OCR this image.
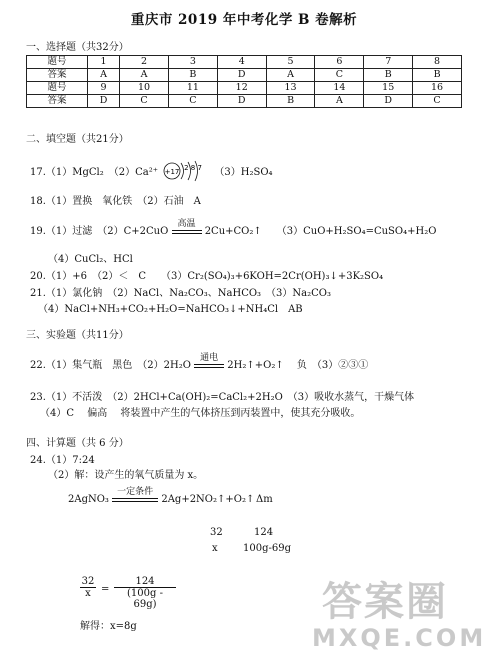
重庆市 2019 年中考化学 B 卷解析
一、选择题（共32分）
题号	1	2	3	4	5	6	7	8
答案	A	A	B	D	A	C	B	B
题号	9	10	11	12	13	14	15	16
答案	D	C	C	D	B	A	D	C
二、填空题（共21分）
17.（1）MgCl₂　（2）Ca²⁺ +17 2 8 7 （3）H₂SO₄
18.（1）置换　氧化铁　（2）石油　A
19.（1）过滤　（2）C+2CuO
高温
2Cu+CO₂↑　　（3）CuO+H₂SO₄=CuSO₄+H₂O
（4）CuCl₂、HCl
20.（1）+6　（2）＜　C　　（3）Cr₂(SO₄)₃+6KOH=2Cr(OH)₃↓+3K₂SO₄
21.（1）氯化钠　（2）NaCl、Na₂CO₃、NaHCO₃　（3）Na₂CO₃
（4）NaCl+NH₃+CO₂+H₂O=NaHCO₃↓+NH₄Cl　AB
三、实验题（共11分）
22.（1）集气瓶　黑色　（2）2H₂O
通电
2H₂↑+O₂↑　 负　（3）②③①
23.（1）不活泼　（2）2HCl+Ca(OH)₂=CaCl₂+2H₂O　（3）吸收水蒸气，干燥气体
（4）C　 偏高　 将装置中产生的气体挤压到丙装置中，使其充分吸收。
四、计算题（共 6 分）
24.（1）7:24
（2）解：设产生的氧气质量为 x。
2AgNO₃
一定条件
2Ag+2NO₂↑+O₂↑ Δm
32	124
x	100g-69g
32
x	=
124
(100g - 69g)
解得：x=8g
答案圈
MXQE.COM
